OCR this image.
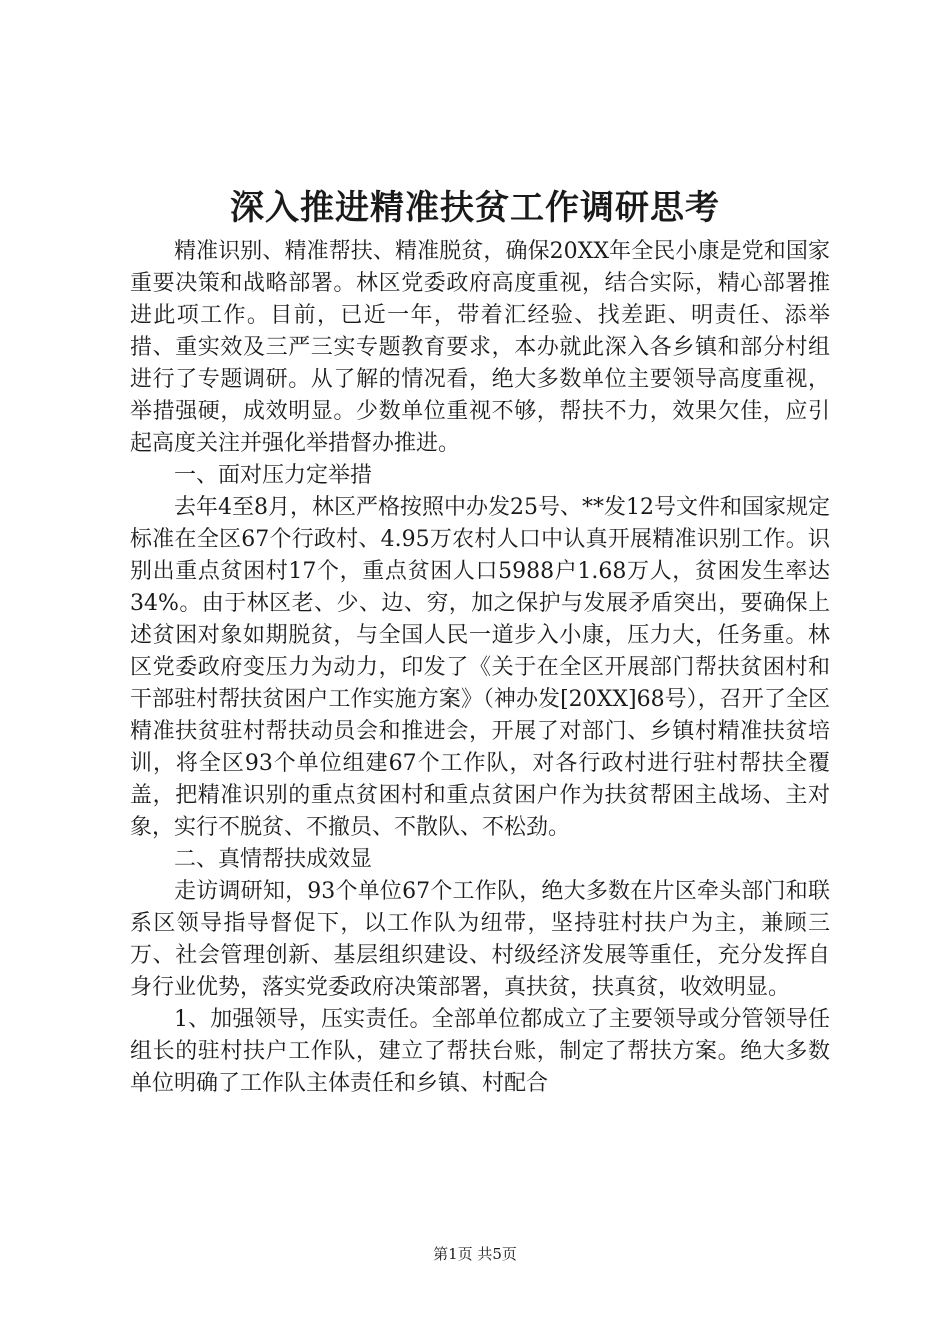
深入推进精准扶贫工作调研思考

精准识别、精准帮扶、精准脱贫，确保20XX年全民小康是党和国家重要决策和战略部署。林区党委政府高度重视，结合实际，精心部署推进此项工作。目前，已近一年，带着汇经验、找差距、明责任、添举措、重实效及三严三实专题教育要求，本办就此深入各乡镇和部分村组进行了专题调研。从了解的情况看，绝大多数单位主要领导高度重视，举措强硬，成效明显。少数单位重视不够，帮扶不力，效果欠佳，应引起高度关注并强化举措督办推进。

一、面对压力定举措

去年4至8月，林区严格按照中办发25号、**发12号文件和国家规定标准在全区67个行政村、4.95万农村人口中认真开展精准识别工作。识别出重点贫困村17个，重点贫困人口5988户1.68万人，贫困发生率达34%。由于林区老、少、边、穷，加之保护与发展矛盾突出，要确保上述贫困对象如期脱贫，与全国人民一道步入小康，压力大，任务重。林区党委政府变压力为动力，印发了《关于在全区开展部门帮扶贫困村和干部驻村帮扶贫困户工作实施方案》（神办发[20XX]68号），召开了全区精准扶贫驻村帮扶动员会和推进会，开展了对部门、乡镇村精准扶贫培训，将全区93个单位组建67个工作队，对各行政村进行驻村帮扶全覆盖，把精准识别的重点贫困村和重点贫困户作为扶贫帮困主战场、主对象，实行不脱贫、不撤员、不散队、不松劲。

二、真情帮扶成效显

走访调研知，93个单位67个工作队，绝大多数在片区牵头部门和联系区领导指导督促下，以工作队为纽带，坚持驻村扶户为主，兼顾三万、社会管理创新、基层组织建设、村级经济发展等重任，充分发挥自身行业优势，落实党委政府决策部署，真扶贫，扶真贫，收效明显。

1、加强领导，压实责任。全部单位都成立了主要领导或分管领导任组长的驻村扶户工作队，建立了帮扶台账，制定了帮扶方案。绝大多数单位明确了工作队主体责任和乡镇、村配合

第1页 共5页
